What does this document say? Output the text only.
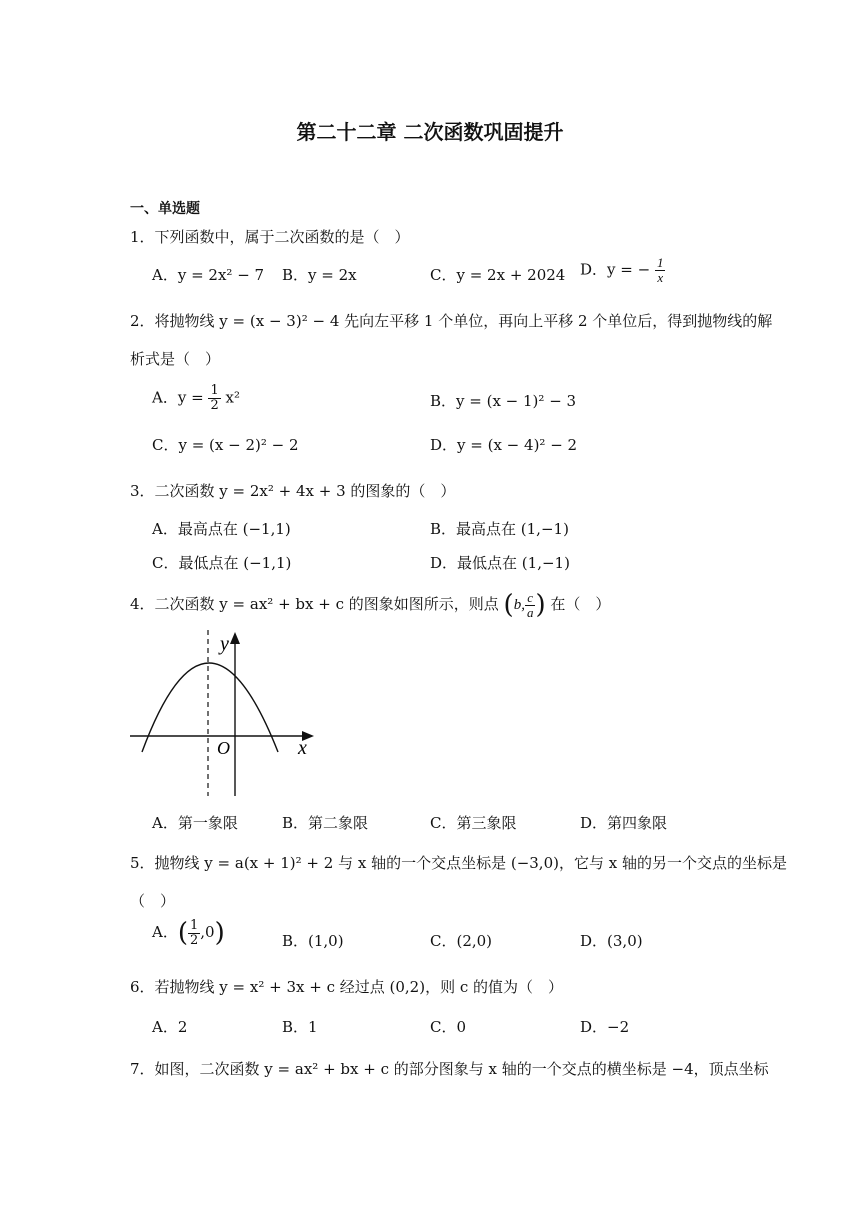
第二十二章 二次函数巩固提升
一、单选题
1．下列函数中，属于二次函数的是（　）
A．y = 2x² − 7 B．y = 2x	C．y = 2x + 2024 D．y = − $\frac{1}{x}$
2．将抛物线 y = (x − 3)² − 4 先向左平移 1 个单位，再向上平移 2 个单位后，得到抛物线的解
析式是（　）
A．$y = \frac{1}{2} x^2$	B．y = (x − 1)² − 3
C．y = (x − 2)² − 2	D．y = (x − 4)² − 2
3．二次函数 y = 2x² + 4x + 3 的图象的（　）
A．最高点在 (−1,1)	B．最高点在 (1,−1)
C．最低点在 (−1,1)	D．最低点在 (1,−1)
4．二次函数 y = ax² + bx + c 的图象如图所示，则点 (b, $\frac{c}{a}$ ) 在（　）
y
x
O
A．第一象限	B．第二象限	C．第三象限	D．第四象限
5．抛物线 y = a(x + 1)² + 2 与 x 轴的一个交点坐标是 (−3,0)，它与 x 轴的另一个交点的坐标是
（　）
A．( $\frac{1}{2} ,0$)	B．(1,0)	C．(2,0)	D．(3,0)
6．若抛物线 y = x² + 3x + c 经过点 (0,2)，则 c 的值为（　）
A．2	B．1	C．0	D．−2
7．如图，二次函数 y = ax² + bx + c 的部分图象与 x 轴的一个交点的横坐标是 −4，顶点坐标
